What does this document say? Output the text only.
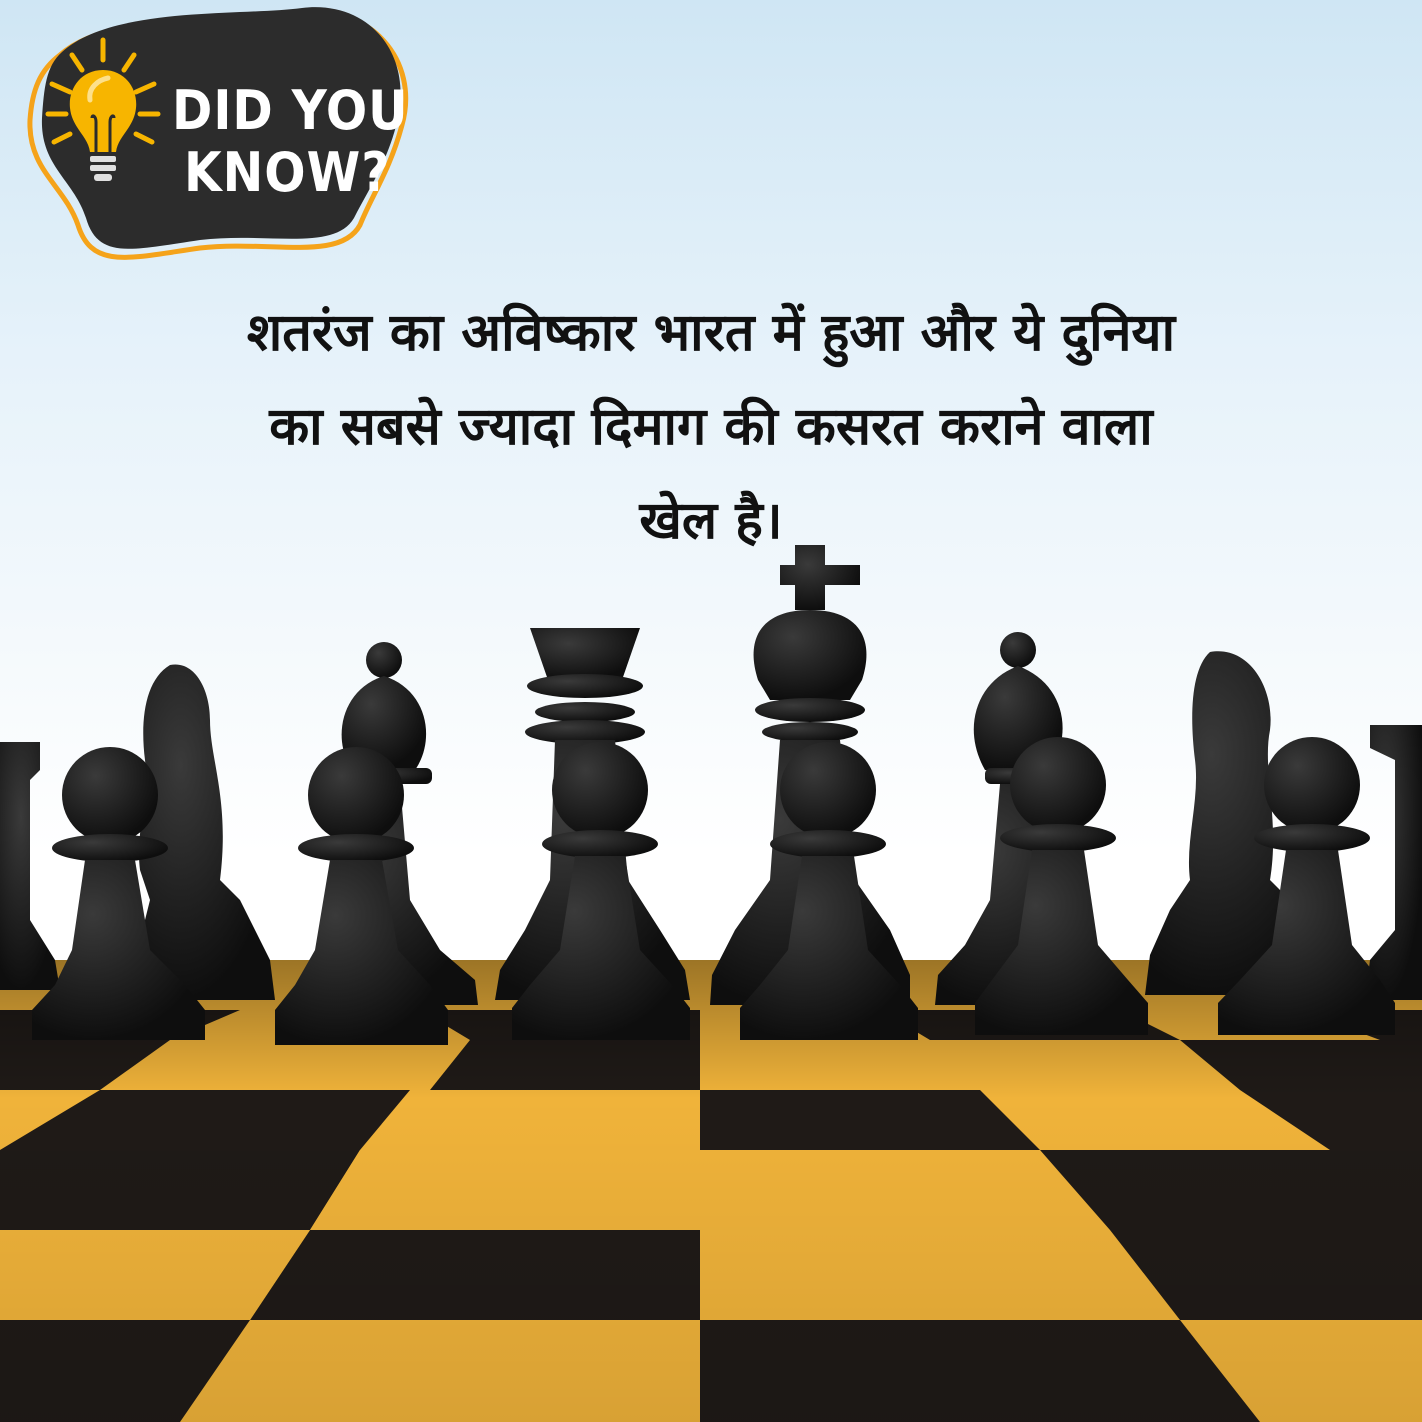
DID YOU
KNOW?

शतरंज का अविष्कार भारत में हुआ और ये दुनिया
का सबसे ज्यादा दिमाग की कसरत कराने वाला
खेल है।
